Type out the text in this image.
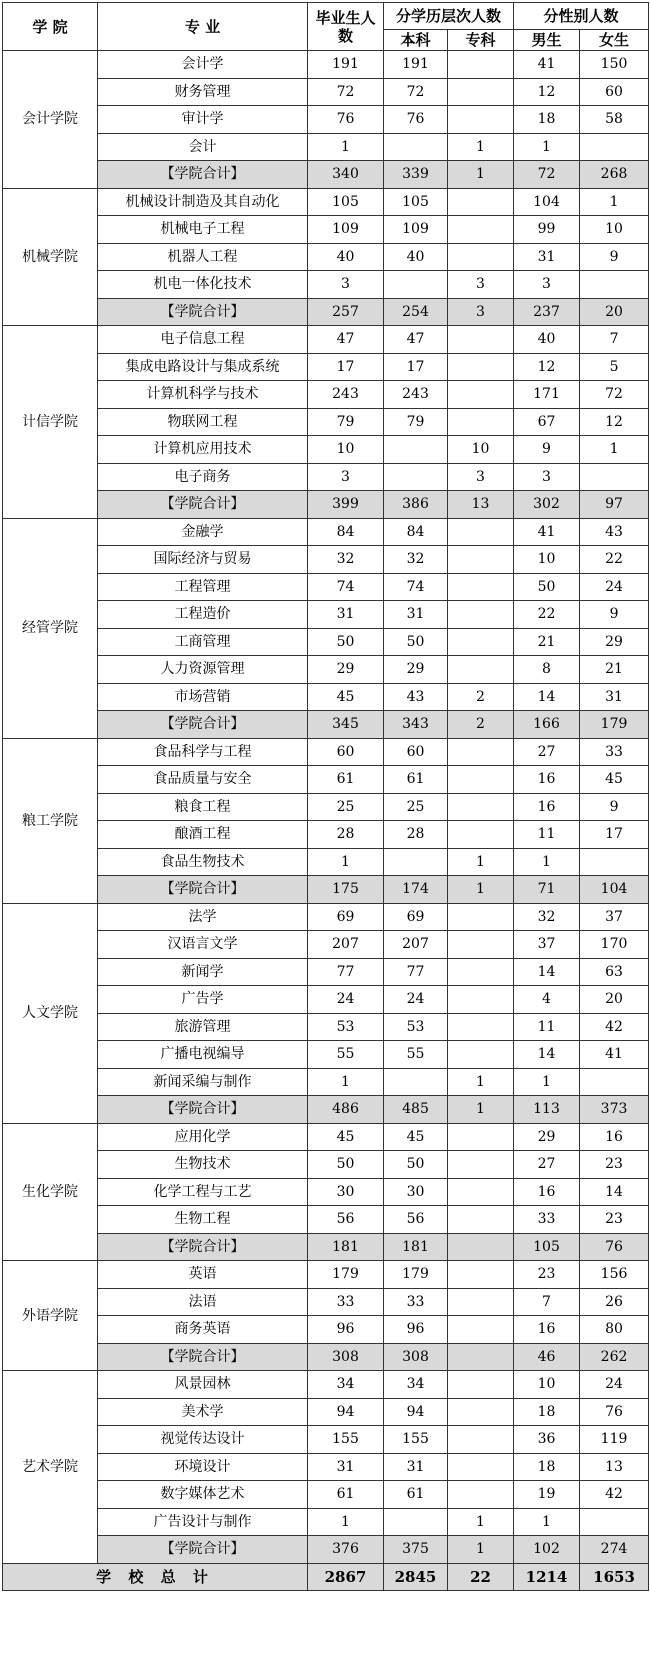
学 院	专 业	毕业生人数	分学历层次人数		分性别人数	
			本科	专科	男生	女生
会计学院	会计学	191	191		41	150
	财务管理	72	72		12	60
	审计学	76	76		18	58
	会计	1		1	1	
	【学院合计】	340	339	1	72	268
机械学院	机械设计制造及其自动化	105	105		104	1
	机械电子工程	109	109		99	10
	机器人工程	40	40		31	9
	机电一体化技术	3		3	3	
	【学院合计】	257	254	3	237	20
计信学院	电子信息工程	47	47		40	7
	集成电路设计与集成系统	17	17		12	5
	计算机科学与技术	243	243		171	72
	物联网工程	79	79		67	12
	计算机应用技术	10		10	9	1
	电子商务	3		3	3	
	【学院合计】	399	386	13	302	97
经管学院	金融学	84	84		41	43
	国际经济与贸易	32	32		10	22
	工程管理	74	74		50	24
	工程造价	31	31		22	9
	工商管理	50	50		21	29
	人力资源管理	29	29		8	21
	市场营销	45	43	2	14	31
	【学院合计】	345	343	2	166	179
粮工学院	食品科学与工程	60	60		27	33
	食品质量与安全	61	61		16	45
	粮食工程	25	25		16	9
	酿酒工程	28	28		11	17
	食品生物技术	1		1	1	
	【学院合计】	175	174	1	71	104
人文学院	法学	69	69		32	37
	汉语言文学	207	207		37	170
	新闻学	77	77		14	63
	广告学	24	24		4	20
	旅游管理	53	53		11	42
	广播电视编导	55	55		14	41
	新闻采编与制作	1		1	1	
	【学院合计】	486	485	1	113	373
生化学院	应用化学	45	45		29	16
	生物技术	50	50		27	23
	化学工程与工艺	30	30		16	14
	生物工程	56	56		33	23
	【学院合计】	181	181		105	76
外语学院	英语	179	179		23	156
	法语	33	33		7	26
	商务英语	96	96		16	80
	【学院合计】	308	308		46	262
艺术学院	风景园林	34	34		10	24
	美术学	94	94		18	76
	视觉传达设计	155	155		36	119
	环境设计	31	31		18	13
	数字媒体艺术	61	61		19	42
	广告设计与制作	1		1	1	
	【学院合计】	376	375	1	102	274
学 校 总 计		2867	2845	22	1214	1653
